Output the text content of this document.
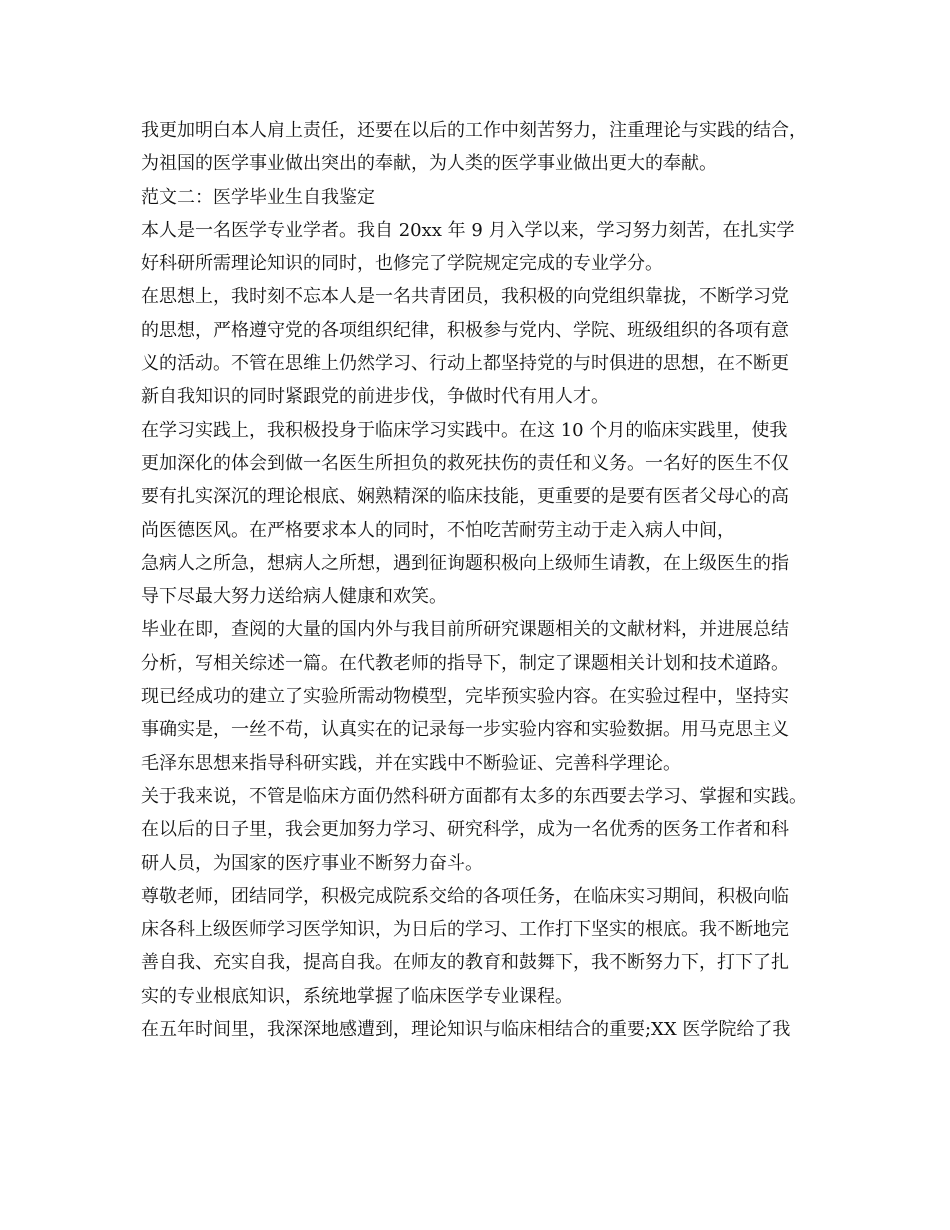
我更加明白本人肩上责任，还要在以后的工作中刻苦努力，注重理论与实践的结合，
为祖国的医学事业做出突出的奉献，为人类的医学事业做出更大的奉献。
范文二：医学毕业生自我鉴定
本人是一名医学专业学者。我自 20xx 年 9 月入学以来，学习努力刻苦，在扎实学
好科研所需理论知识的同时，也修完了学院规定完成的专业学分。
在思想上，我时刻不忘本人是一名共青团员，我积极的向党组织靠拢，不断学习党
的思想，严格遵守党的各项组织纪律，积极参与党内、学院、班级组织的各项有意
义的活动。不管在思维上仍然学习、行动上都坚持党的与时俱进的思想，在不断更
新自我知识的同时紧跟党的前进步伐，争做时代有用人才。
在学习实践上，我积极投身于临床学习实践中。在这 10 个月的临床实践里，使我
更加深化的体会到做一名医生所担负的救死扶伤的责任和义务。一名好的医生不仅
要有扎实深沉的理论根底、娴熟精深的临床技能，更重要的是要有医者父母心的高
尚医德医风。在严格要求本人的同时，不怕吃苦耐劳主动于走入病人中间，
急病人之所急，想病人之所想，遇到征询题积极向上级师生请教，在上级医生的指
导下尽最大努力送给病人健康和欢笑。
毕业在即，查阅的大量的国内外与我目前所研究课题相关的文献材料，并进展总结
分析，写相关综述一篇。在代教老师的指导下，制定了课题相关计划和技术道路。
现已经成功的建立了实验所需动物模型，完毕预实验内容。在实验过程中，坚持实
事确实是，一丝不苟，认真实在的记录每一步实验内容和实验数据。用马克思主义
毛泽东思想来指导科研实践，并在实践中不断验证、完善科学理论。
关于我来说，不管是临床方面仍然科研方面都有太多的东西要去学习、掌握和实践。
在以后的日子里，我会更加努力学习、研究科学，成为一名优秀的医务工作者和科
研人员，为国家的医疗事业不断努力奋斗。
尊敬老师，团结同学，积极完成院系交给的各项任务，在临床实习期间，积极向临
床各科上级医师学习医学知识，为日后的学习、工作打下坚实的根底。我不断地完
善自我、充实自我，提高自我。在师友的教育和鼓舞下，我不断努力下，打下了扎
实的专业根底知识，系统地掌握了临床医学专业课程。
在五年时间里，我深深地感遭到，理论知识与临床相结合的重要;XX 医学院给了我
